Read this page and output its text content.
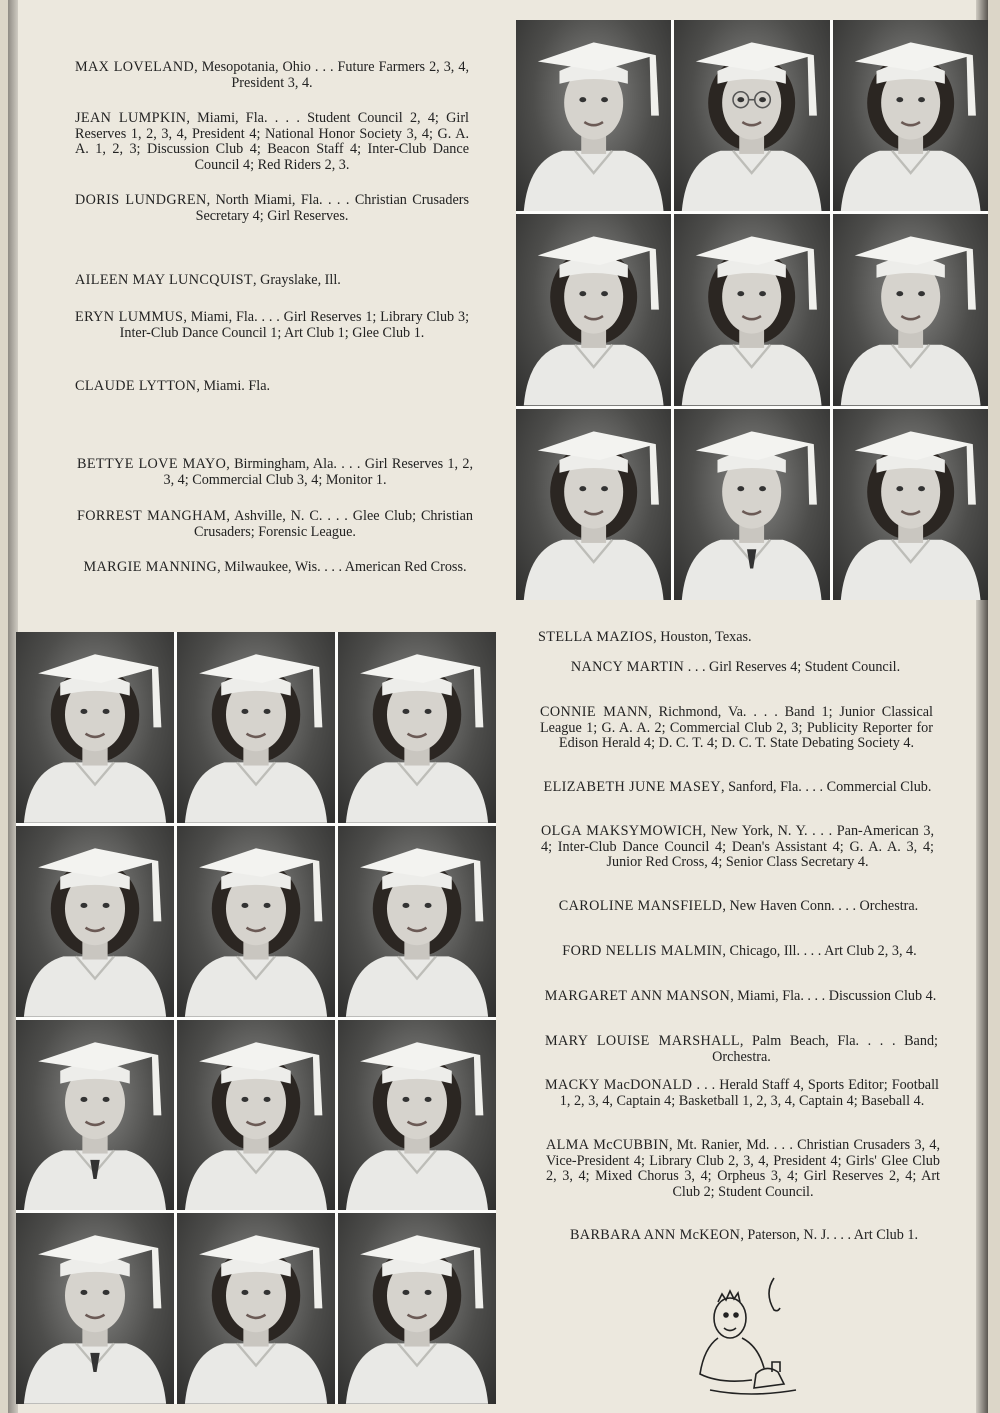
MAX LOVELAND, Mesopotania, Ohio . . . Future Farmers 2, 3, 4, President 3, 4.
JEAN LUMPKIN, Miami, Fla. . . . Student Council 2, 4; Girl Reserves 1, 2, 3, 4, President 4; National Honor Society 3, 4; G. A. A. 1, 2, 3; Discussion Club 4; Beacon Staff 4; Inter-Club Dance Council 4; Red Riders 2, 3.
DORIS LUNDGREN, North Miami, Fla. . . . Christian Crusaders Secretary 4; Girl Reserves.
AILEEN MAY LUNCQUIST, Grayslake, Ill.
ERYN LUMMUS, Miami, Fla. . . . Girl Reserves 1; Library Club 3; Inter-Club Dance Council 1; Art Club 1; Glee Club 1.
CLAUDE LYTTON, Miami. Fla.
BETTYE LOVE MAYO, Birmingham, Ala. . . . Girl Reserves 1, 2, 3, 4; Commercial Club 3, 4; Monitor 1.
FORREST MANGHAM, Ashville, N. C. . . . Glee Club; Christian Crusaders; Forensic League.
MARGIE MANNING, Milwaukee, Wis. . . . American Red Cross.
STELLA MAZIOS, Houston, Texas.
NANCY MARTIN . . . Girl Reserves 4; Student Council.
CONNIE MANN, Richmond, Va. . . . Band 1; Junior Classical League 1; G. A. A. 2; Commercial Club 2, 3; Publicity Reporter for Edison Herald 4; D. C. T. 4; D. C. T. State Debating Society 4.
ELIZABETH JUNE MASEY, Sanford, Fla. . . . Commercial Club.
OLGA MAKSYMOWICH, New York, N. Y. . . . Pan-American 3, 4; Inter-Club Dance Council 4; Dean's Assistant 4; G. A. A. 3, 4; Junior Red Cross, 4; Senior Class Secretary 4.
CAROLINE MANSFIELD, New Haven Conn. . . . Orchestra.
FORD NELLIS MALMIN, Chicago, Ill. . . . Art Club 2, 3, 4.
MARGARET ANN MANSON, Miami, Fla. . . . Discussion Club 4.
MARY LOUISE MARSHALL, Palm Beach, Fla. . . . Band; Orchestra.
MACKY MacDONALD . . . Herald Staff 4, Sports Editor; Football 1, 2, 3, 4, Captain 4; Basketball 1, 2, 3, 4, Captain 4; Baseball 4.
ALMA McCUBBIN, Mt. Ranier, Md. . . . Christian Crusaders 3, 4, Vice-President 4; Library Club 2, 3, 4, President 4; Girls' Glee Club 2, 3, 4; Mixed Chorus 3, 4; Orpheus 3, 4; Girl Reserves 2, 4; Art Club 2; Student Council.
BARBARA ANN McKEON, Paterson, N. J. . . . Art Club 1.
